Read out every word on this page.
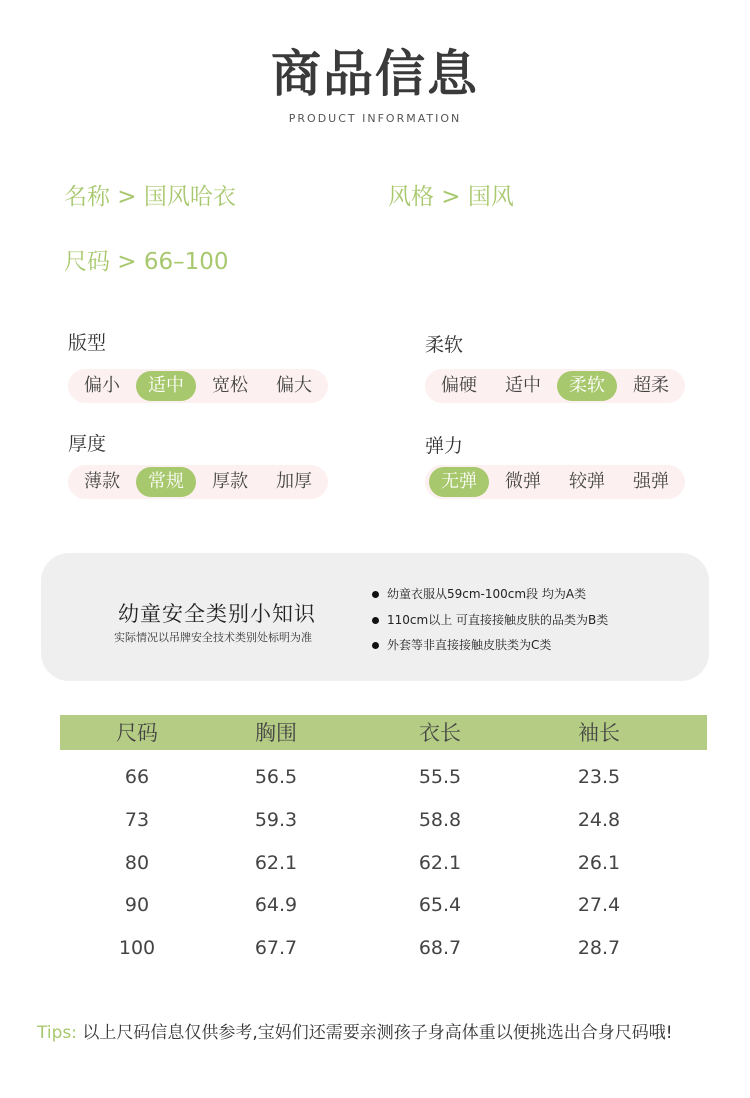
商品信息
PRODUCT INFORMATION
名称 > 国风哈衣	风格 > 国风
尺码 > 66–100
版型
偏小	适中	宽松	偏大
柔软
偏硬	适中	柔软	超柔
厚度
薄款	常规	厚款	加厚
弹力
无弹	微弹	较弹	强弹
幼童安全类别小知识
实际情况以吊牌安全技术类别处标明为准
幼童衣服从59cm-100cm段 均为A类
110cm以上 可直接接触皮肤的品类为B类
外套等非直接接触皮肤类为C类
尺码	胸围	衣长	袖长
66	56.5	55.5	23.5
73	59.3	58.8	24.8
80	62.1	62.1	26.1
90	64.9	65.4	27.4
100	67.7	68.7	28.7
Tips: 以上尺码信息仅供参考,宝妈们还需要亲测孩子身高体重以便挑选出合身尺码哦!
